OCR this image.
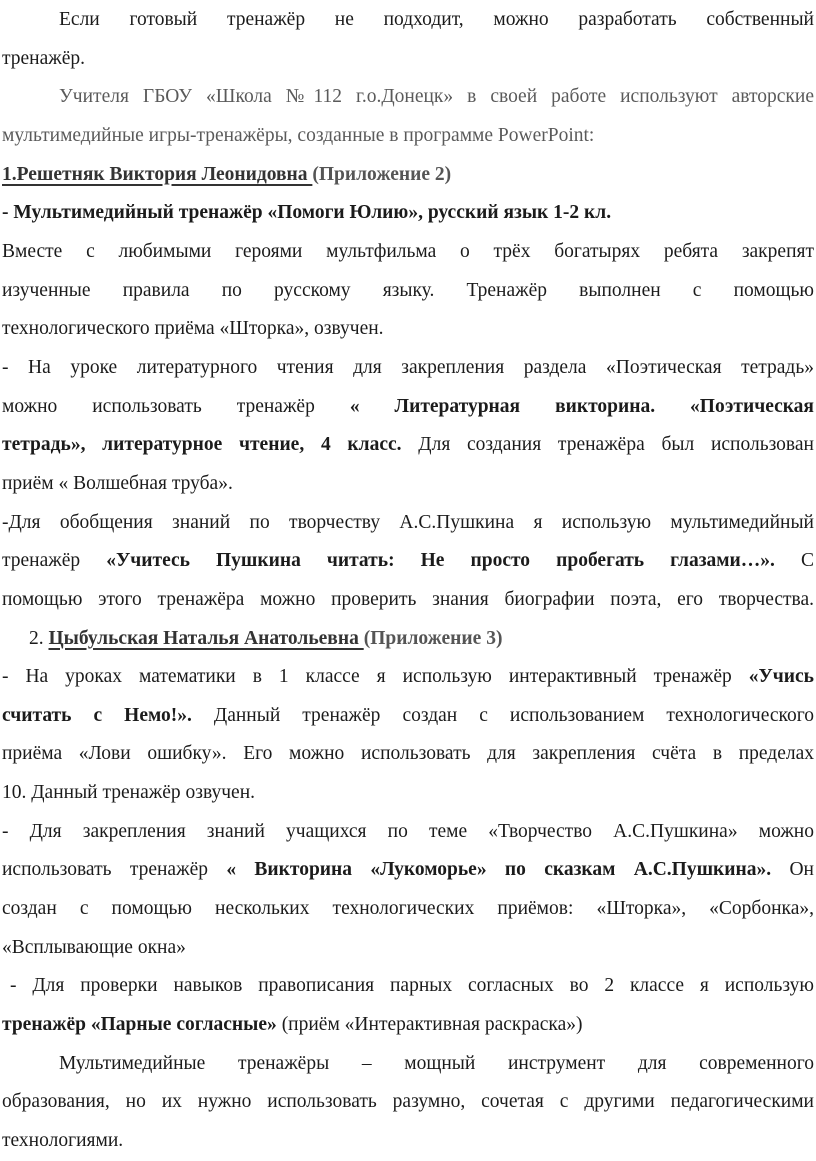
Если готовый тренажёр не подходит, можно разработать собственный
тренажёр.
Учителя ГБОУ «Школа №112 г.о.Донецк» в своей работе используют авторские
мультимедийные игры-тренажёры, созданные в программе PowerPoint:
1.Решетняк Виктория Леонидовна (Приложение 2)
- Мультимедийный тренажёр «Помоги Юлию», русский язык 1-2 кл.
Вместе с любимыми героями мультфильма о трёх богатырях ребята закрепят
изученные правила по русскому языку. Тренажёр выполнен с помощью
технологического приёма «Шторка», озвучен.
- На уроке литературного чтения для закрепления раздела «Поэтическая тетрадь»
можно использовать тренажёр « Литературная викторина. «Поэтическая
тетрадь», литературное чтение, 4 класс. Для создания тренажёра был использован
приём « Волшебная труба».
-Для обобщения знаний по творчеству А.С.Пушкина я использую мультимедийный
тренажёр «Учитесь Пушкина читать: Не просто пробегать глазами…». С
помощью этого тренажёра можно проверить знания биографии поэта, его творчества.
2. Цыбульская Наталья Анатольевна (Приложение 3)
- На уроках математики в 1 классе я использую интерактивный тренажёр «Учись
считать с Немо!». Данный тренажёр создан с использованием технологического
приёма «Лови ошибку». Его можно использовать для закрепления счёта в пределах
10. Данный тренажёр озвучен.
- Для закрепления знаний учащихся по теме «Творчество А.С.Пушкина» можно
использовать тренажёр « Викторина «Лукоморье» по сказкам А.С.Пушкина». Он
создан с помощью нескольких технологических приёмов: «Шторка», «Сорбонка»,
«Всплывающие окна»
- Для проверки навыков правописания парных согласных во 2 классе я использую
тренажёр «Парные согласные» (приём «Интерактивная раскраска»)
Мультимедийные тренажёры – мощный инструмент для современного
образования, но их нужно использовать разумно, сочетая с другими педагогическими
технологиями.
